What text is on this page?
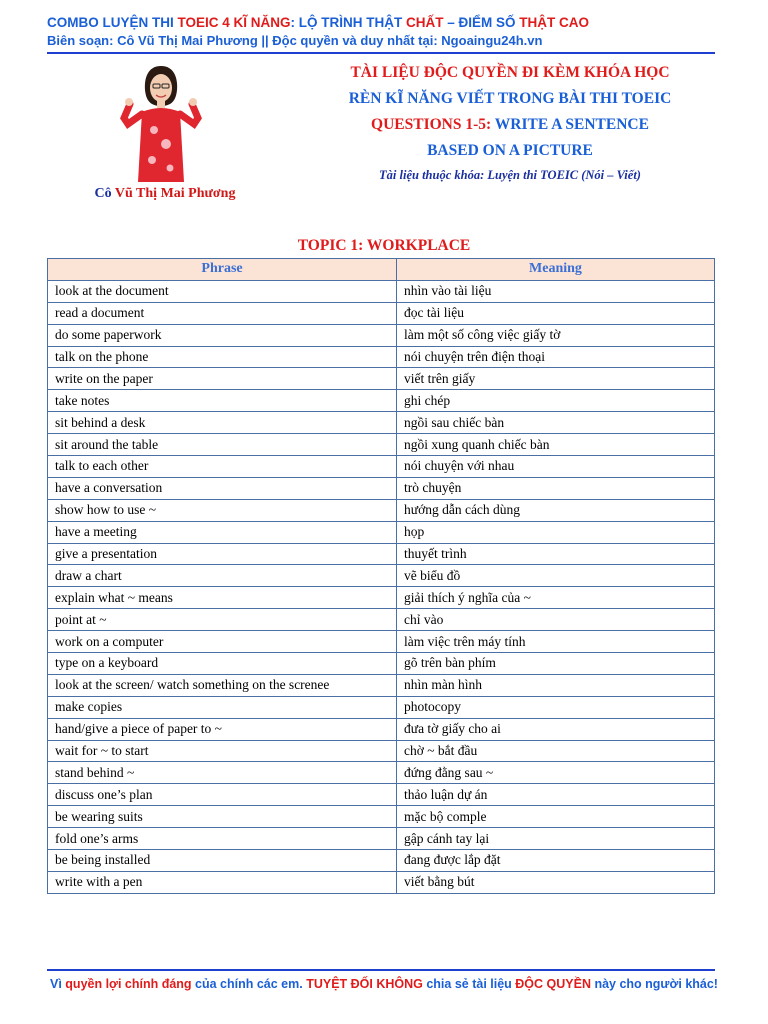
COMBO LUYỆN THI TOEIC 4 KĨ NĂNG: LỘ TRÌNH THẬT CHẤT – ĐIỂM SỐ THẬT CAO
Biên soạn: Cô Vũ Thị Mai Phương || Độc quyền và duy nhất tại: Ngoaingu24h.vn
Cô Vũ Thị Mai Phương
TÀI LIỆU ĐỘC QUYỀN ĐI KÈM KHÓA HỌC
RÈN KĨ NĂNG VIẾT TRONG BÀI THI TOEIC
QUESTIONS 1-5: WRITE A SENTENCE
BASED ON A PICTURE
Tài liệu thuộc khóa: Luyện thi TOEIC (Nói – Viết)
TOPIC 1: WORKPLACE
Phrase	Meaning
look at the document	nhìn vào tài liệu
read a document	đọc tài liệu
do some paperwork	làm một số công việc giấy tờ
talk on the phone	nói chuyện trên điện thoại
write on the paper	viết trên giấy
take notes	ghi chép
sit behind a desk	ngồi sau chiếc bàn
sit around the table	ngồi xung quanh chiếc bàn
talk to each other	nói chuyện với nhau
have a conversation	trò chuyện
show how to use ~	hướng dẫn cách dùng
have a meeting	họp
give a presentation	thuyết trình
draw a chart	vẽ biểu đồ
explain what ~ means	giải thích ý nghĩa của ~
point at ~	chỉ vào
work on a computer	làm việc trên máy tính
type on a keyboard	gõ trên bàn phím
look at the screen/ watch something on the screnee	nhìn màn hình
make copies	photocopy
hand/give a piece of paper to ~	đưa tờ giấy cho ai
wait for ~ to start	chờ ~ bắt đầu
stand behind ~	đứng đằng sau ~
discuss one’s plan	thảo luận dự án
be wearing suits	mặc bộ comple
fold one’s arms	gập cánh tay lại
be being installed	đang được lắp đặt
write with a pen	viết bằng bút
Vì quyền lợi chính đáng của chính các em. TUYỆT ĐỐI KHÔNG chia sẻ tài liệu ĐỘC QUYỀN này cho người khác!
